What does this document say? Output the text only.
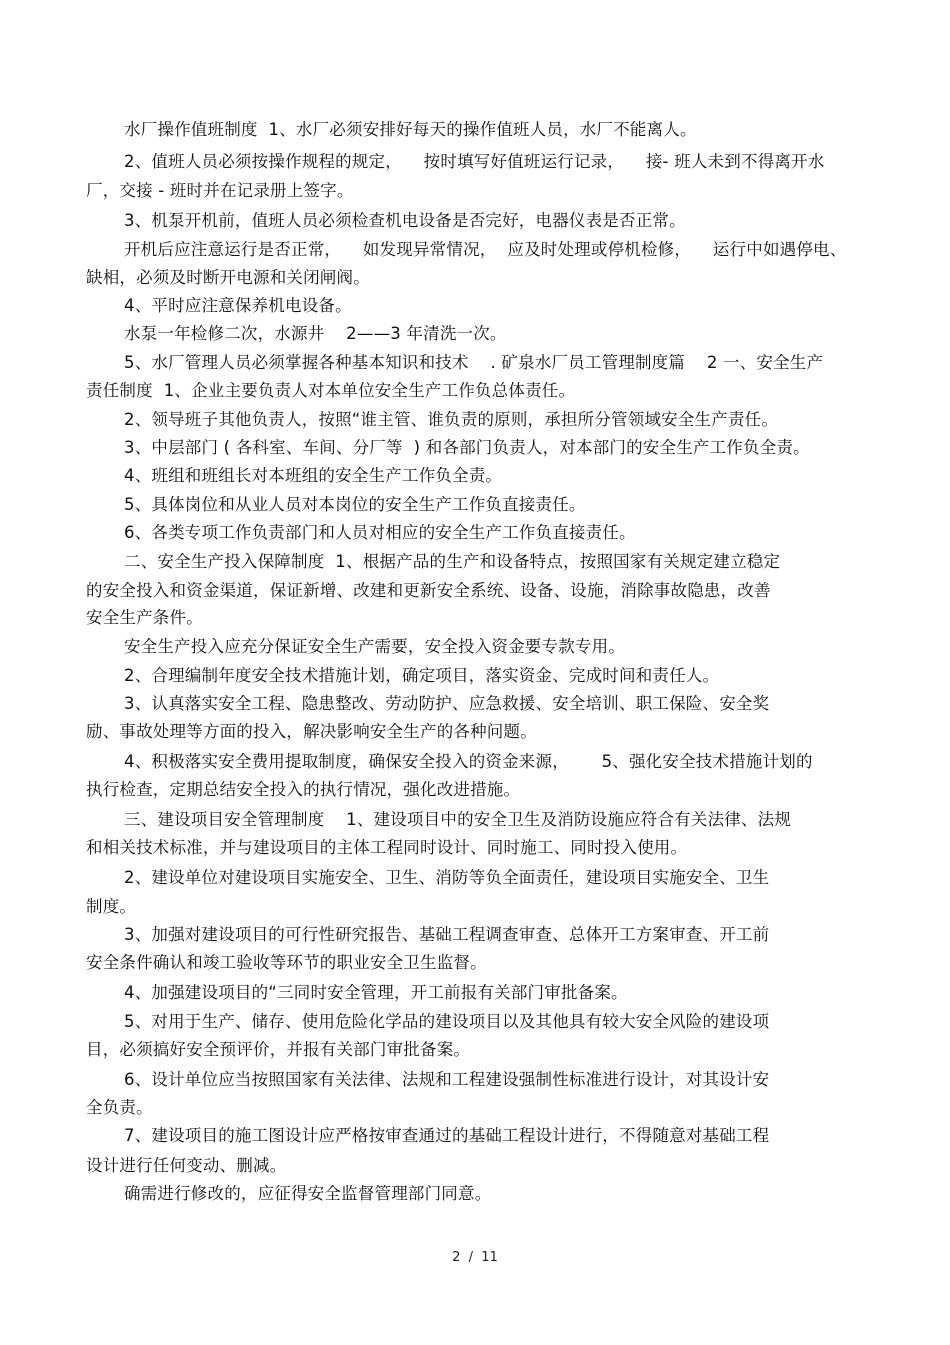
水厂操作值班制度  1、水厂必须安排好每天的操作值班人员，水厂不能离人。
2、值班人员必须按操作规程的规定，    按时填写好值班运行记录，    接- 班人未到不得离开水
厂，交接 - 班时并在记录册上签字。
3、机泵开机前，值班人员必须检查机电设备是否完好，电器仪表是否正常。
开机后应注意运行是否正常，    如发现异常情况，  应及时处理或停机检修，    运行中如遇停电、
缺相，必须及时断开电源和关闭闸阀。
4、平时应注意保养机电设备。
水泵一年检修二次，水源井    2——3 年清洗一次。
5、水厂管理人员必须掌握各种基本知识和技术    . 矿泉水厂员工管理制度篇    2 一、安全生产
责任制度  1、企业主要负责人对本单位安全生产工作负总体责任。
2、领导班子其他负责人，按照“谁主管、谁负责的原则，承担所分管领域安全生产责任。
3、中层部门 ( 各科室、车间、分厂等  ) 和各部门负责人，对本部门的安全生产工作负全责。
4、班组和班组长对本班组的安全生产工作负全责。
5、具体岗位和从业人员对本岗位的安全生产工作负直接责任。
6、各类专项工作负责部门和人员对相应的安全生产工作负直接责任。
二、安全生产投入保障制度  1、根据产品的生产和设备特点，按照国家有关规定建立稳定
的安全投入和资金渠道，保证新增、改建和更新安全系统、设备、设施，消除事故隐患，改善
安全生产条件。
安全生产投入应充分保证安全生产需要，安全投入资金要专款专用。
2、合理编制年度安全技术措施计划，确定项目，落实资金、完成时间和责任人。
3、认真落实安全工程、隐患整改、劳动防护、应急救援、安全培训、职工保险、安全奖
励、事故处理等方面的投入，解决影响安全生产的各种问题。
4、积极落实安全费用提取制度，确保安全投入的资金来源，      5、强化安全技术措施计划的
执行检查，定期总结安全投入的执行情况，强化改进措施。
三、建设项目安全管理制度    1、建设项目中的安全卫生及消防设施应符合有关法律、法规
和相关技术标准，并与建设项目的主体工程同时设计、同时施工、同时投入使用。
2、建设单位对建设项目实施安全、卫生、消防等负全面责任，建设项目实施安全、卫生
制度。
3、加强对建设项目的可行性研究报告、基础工程调查审查、总体开工方案审查、开工前
安全条件确认和竣工验收等环节的职业安全卫生监督。
4、加强建设项目的“三同时安全管理，开工前报有关部门审批备案。
5、对用于生产、储存、使用危险化学品的建设项目以及其他具有较大安全风险的建设项
目，必须搞好安全预评价，并报有关部门审批备案。
6、设计单位应当按照国家有关法律、法规和工程建设强制性标准进行设计，对其设计安
全负责。
7、建设项目的施工图设计应严格按审查通过的基础工程设计进行，不得随意对基础工程
设计进行任何变动、删减。
确需进行修改的，应征得安全监督管理部门同意。
2  /  11
